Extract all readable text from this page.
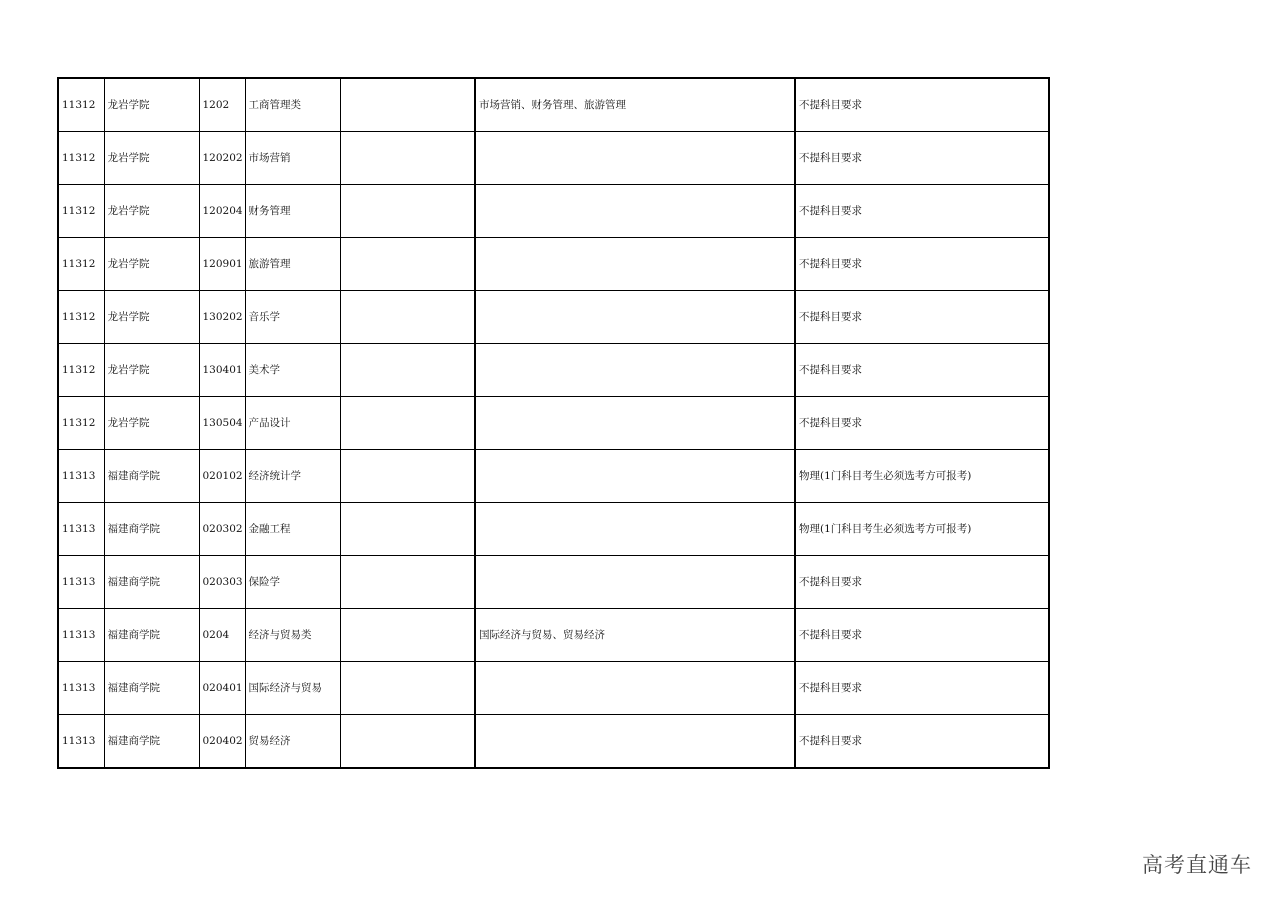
11312	龙岩学院	1202	工商管理类		市场营销、财务管理、旅游管理	不提科目要求
11312	龙岩学院	120202	市场营销			不提科目要求
11312	龙岩学院	120204	财务管理			不提科目要求
11312	龙岩学院	120901	旅游管理			不提科目要求
11312	龙岩学院	130202	音乐学			不提科目要求
11312	龙岩学院	130401	美术学			不提科目要求
11312	龙岩学院	130504	产品设计			不提科目要求
11313	福建商学院	020102	经济统计学			物理(1门科目考生必须选考方可报考)
11313	福建商学院	020302	金融工程			物理(1门科目考生必须选考方可报考)
11313	福建商学院	020303	保险学			不提科目要求
11313	福建商学院	0204	经济与贸易类		国际经济与贸易、贸易经济	不提科目要求
11313	福建商学院	020401	国际经济与贸易			不提科目要求
11313	福建商学院	020402	贸易经济			不提科目要求
高考直通车
